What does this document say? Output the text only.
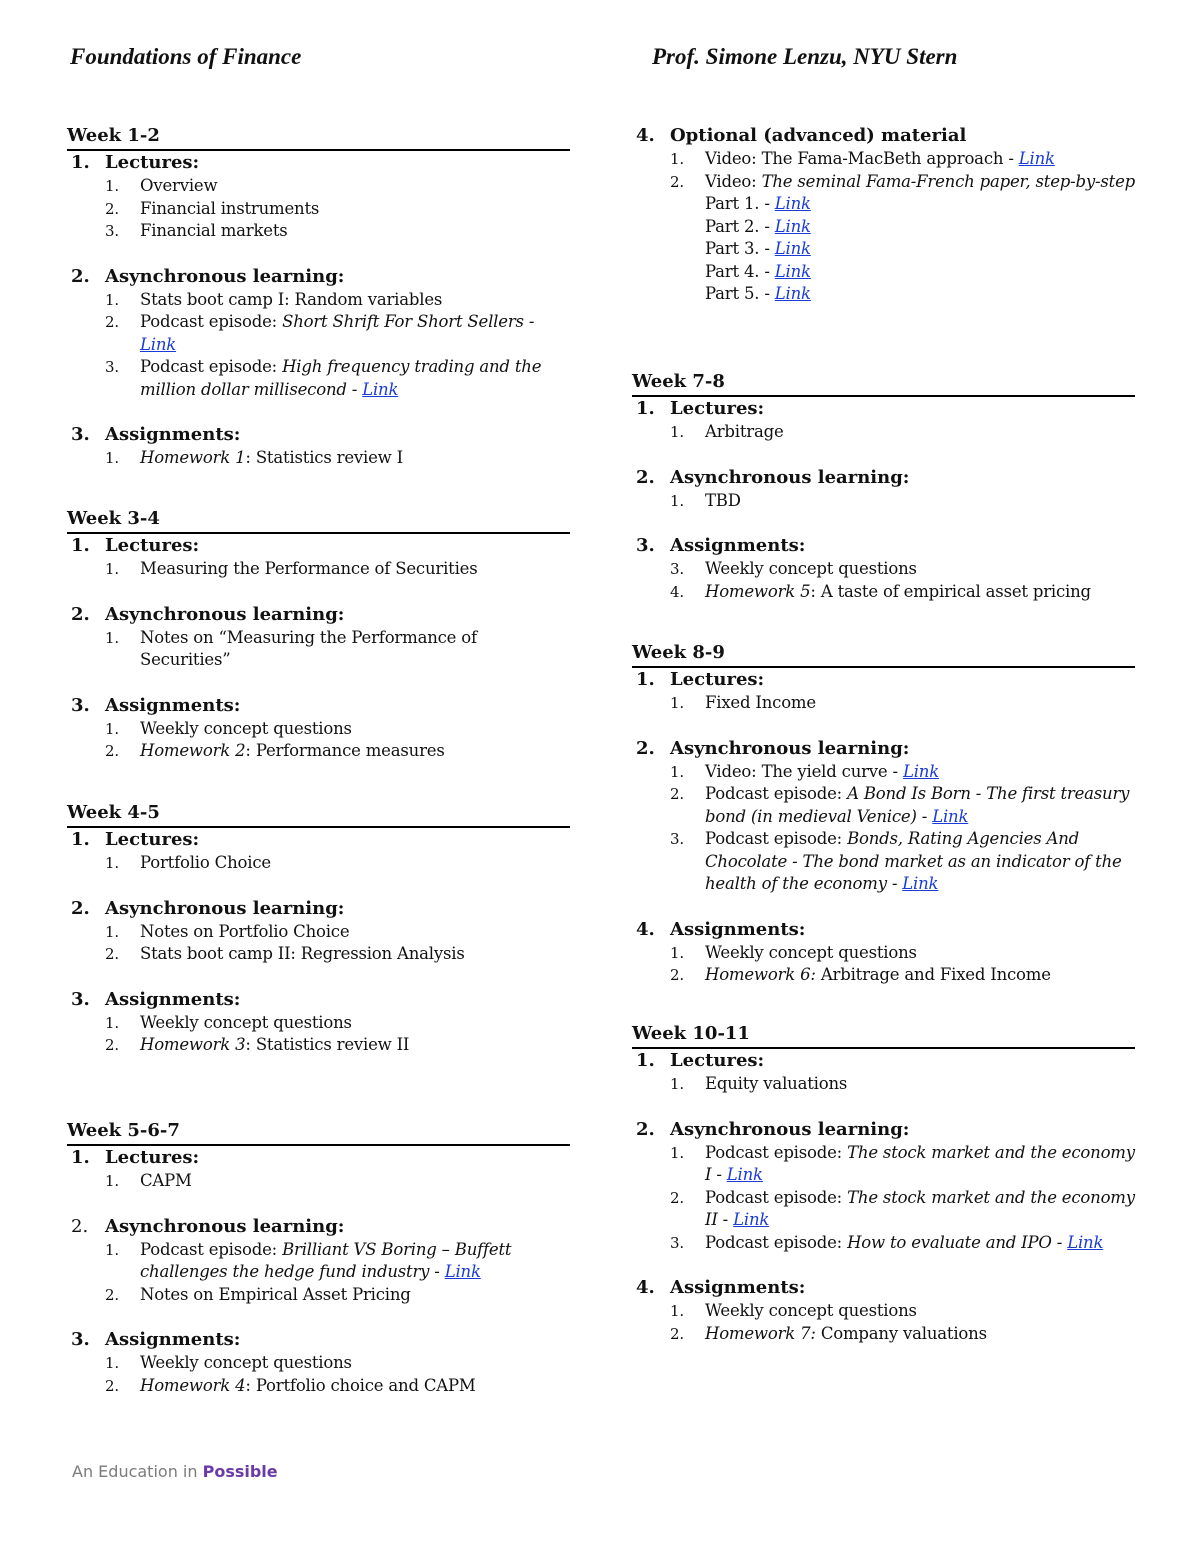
Foundations of Finance	Prof. Simone Lenzu, NYU Stern
Week 1-2
1. Lectures:
1. Overview
2. Financial instruments
3. Financial markets
2. Asynchronous learning:
1. Stats boot camp I: Random variables
2. Podcast episode: Short Shrift For Short Sellers - Link
3. Podcast episode: High frequency trading and the million dollar millisecond - Link
3. Assignments:
1. Homework 1: Statistics review I
Week 3-4
1. Lectures:
1. Measuring the Performance of Securities
2. Asynchronous learning:
1. Notes on “Measuring the Performance of Securities”
3. Assignments:
1. Weekly concept questions
2. Homework 2: Performance measures
Week 4-5
1. Lectures:
1. Portfolio Choice
2. Asynchronous learning:
1. Notes on Portfolio Choice
2. Stats boot camp II: Regression Analysis
3. Assignments:
1. Weekly concept questions
2. Homework 3: Statistics review II
Week 5-6-7
1. Lectures:
1. CAPM
2. Asynchronous learning:
1. Podcast episode: Brilliant VS Boring – Buffett challenges the hedge fund industry - Link
2. Notes on Empirical Asset Pricing
3. Assignments:
1. Weekly concept questions
2. Homework 4: Portfolio choice and CAPM
4. Optional (advanced) material
1. Video: The Fama-MacBeth approach - Link
2. Video: The seminal Fama-French paper, step-by-step
Part 1. - Link
Part 2. - Link
Part 3. - Link
Part 4. - Link
Part 5. - Link
Week 7-8
1. Lectures:
1. Arbitrage
2. Asynchronous learning:
1. TBD
3. Assignments:
3. Weekly concept questions
4. Homework 5: A taste of empirical asset pricing
Week 8-9
1. Lectures:
1. Fixed Income
2. Asynchronous learning:
1. Video: The yield curve - Link
2. Podcast episode: A Bond Is Born - The first treasury bond (in medieval Venice) - Link
3. Podcast episode: Bonds, Rating Agencies And Chocolate - The bond market as an indicator of the health of the economy - Link
4. Assignments:
1. Weekly concept questions
2. Homework 6: Arbitrage and Fixed Income
Week 10-11
1. Lectures:
1. Equity valuations
2. Asynchronous learning:
1. Podcast episode: The stock market and the economy I - Link
2. Podcast episode: The stock market and the economy II - Link
3. Podcast episode: How to evaluate and IPO - Link
4. Assignments:
1. Weekly concept questions
2. Homework 7: Company valuations
An Education in Possible
